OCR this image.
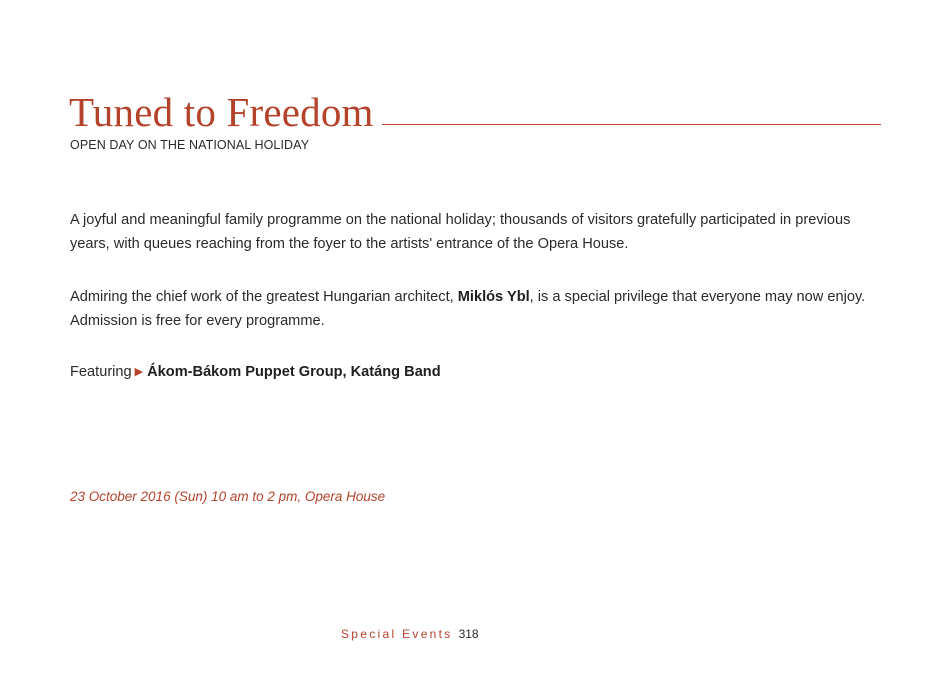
Tuned to Freedom
OPEN DAY ON THE NATIONAL HOLIDAY

A joyful and meaningful family programme on the national holiday; thousands of visitors gratefully participated in previous years, with queues reaching from the foyer to the artists' entrance of the Opera House.

Admiring the chief work of the greatest Hungarian architect, Miklós Ybl, is a special privilege that everyone may now enjoy. Admission is free for every programme.

Featuring ▶ Ákom-Bákom Puppet Group, Katáng Band

23 October 2016 (Sun) 10 am to 2 pm, Opera House
Special Events 318
